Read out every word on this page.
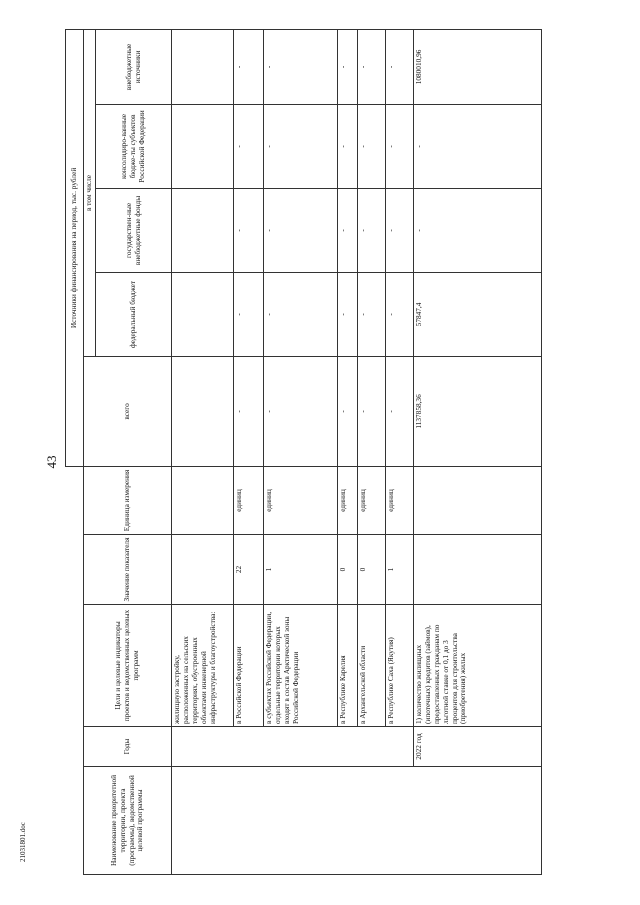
43
21031801.doc
					Источники финансирования на период, тыс. рублей				
Наименование приоритетной территории, проекта (программы), ведомственной целевой программы	Годы	Цели и целевые индикаторы проектов и ведомственных целевых программ	Значение показателя	Единица измерения	всего	в том числе			
						федеральный бюджет	государствен-ные внебюджетные фонды	консолидиро-ванные бюдже-ты субъектов Российской Федерации	внебюджетные источники
		жилищную застройку, расположенных на сельских территориях, обустроенных объектами инженерной инфраструктуры и благоустройства:							
		в Российской Федерации	22	единиц	-	-	-	-	-
		в субъектах Российской Федерации, отдельные территории которых входят в состав Арктической зоны Российской Федерации	1	единиц	-	-	-	-	-
		в Республике Карелия	0	единиц	-	-	-	-	-
		в Архангельской области	0	единиц	-	-	-	-	-
		в Республике Саха (Якутия)	1	единиц	-	-	-	-	-
	2022 год	1) количество жилищных (ипотечных) кредитов (займов), предоставленных гражданам по льготной ставке от 0,1 до 3 процентов для строительства (приобретения) жилых			1137858,36	57847,4	-	-	1080010,96
